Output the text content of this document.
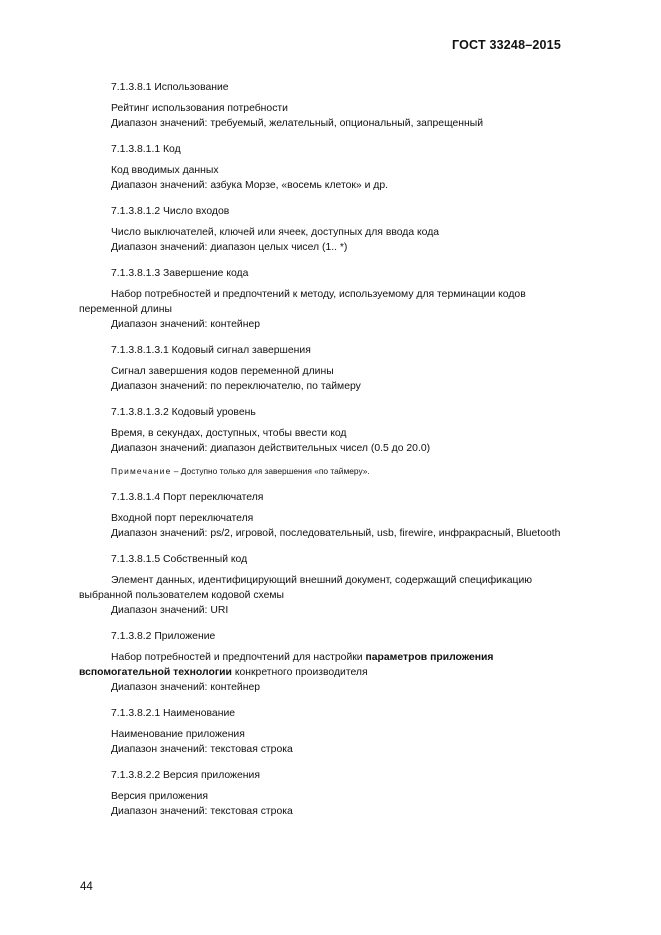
ГОСТ 33248–2015
7.1.3.8.1 Использование
Рейтинг использования потребности
Диапазон значений: требуемый, желательный, опциональный, запрещенный
7.1.3.8.1.1 Код
Код вводимых данных
Диапазон значений: азбука Морзе, «восемь клеток» и др.
7.1.3.8.1.2 Число входов
Число выключателей, ключей или ячеек, доступных для ввода кода
Диапазон значений: диапазон целых чисел (1.. *)
7.1.3.8.1.3 Завершение кода
Набор потребностей и предпочтений к методу, используемому для терминации кодов переменной длины
Диапазон значений: контейнер
7.1.3.8.1.3.1 Кодовый сигнал завершения
Сигнал завершения кодов переменной длины
Диапазон значений: по переключателю, по таймеру
7.1.3.8.1.3.2 Кодовый уровень
Время, в секундах, доступных, чтобы ввести код
Диапазон значений: диапазон действительных чисел (0.5 до 20.0)
Примечание – Доступно только для завершения «по таймеру».
7.1.3.8.1.4 Порт переключателя
Входной порт переключателя
Диапазон значений: ps/2, игровой, последовательный, usb, firewire, инфракрасный, Bluetooth
7.1.3.8.1.5 Собственный код
Элемент данных, идентифицирующий внешний документ, содержащий спецификацию выбранной пользователем кодовой схемы
Диапазон значений: URI
7.1.3.8.2 Приложение
Набор потребностей и предпочтений для настройки параметров приложения вспомогательной технологии конкретного производителя
Диапазон значений: контейнер
7.1.3.8.2.1 Наименование
Наименование приложения
Диапазон значений: текстовая строка
7.1.3.8.2.2 Версия приложения
Версия приложения
Диапазон значений: текстовая строка
44
